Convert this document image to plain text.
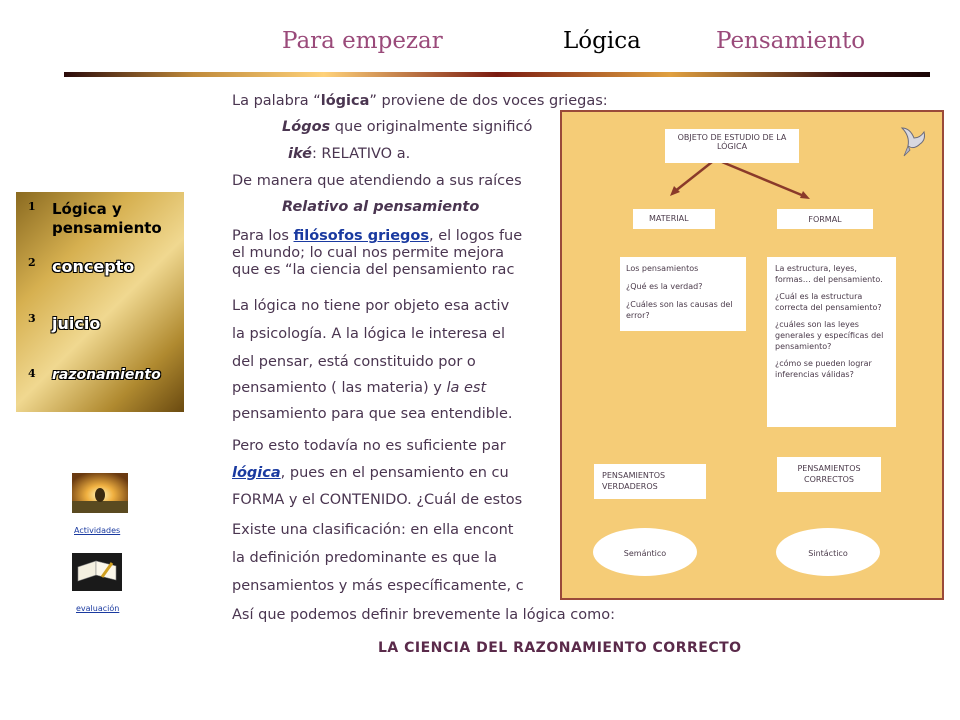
Para empezar	Lógica	Pensamiento
1 Lógica y pensamiento
2 concepto
3 juicio
4 razonamiento
Actividades
evaluación
La palabra “lógica” proviene de dos voces griegas:
Lógos que originalmente significó
iké: RELATIVO a.
De manera que atendiendo a sus raíces
Relativo al pensamiento
Para los filósofos griegos, el logos fue
el mundo; lo cual nos permite mejora
que es “la ciencia del pensamiento rac
La lógica no tiene por objeto esa activ
la psicología. A la lógica le interesa el
del pensar, está constituido por o
pensamiento ( las materia) y la est
pensamiento para que sea entendible.
Pero esto todavía no es suficiente par
lógica, pues en el pensamiento en cu
FORMA y el CONTENIDO. ¿Cuál de estos
Existe una clasificación: en ella encont
la definición predominante es que la
pensamientos y más específicamente, c
Así que podemos definir brevemente la lógica como:
LA CIENCIA DEL RAZONAMIENTO CORRECTO
OBJETO DE ESTUDIO DE LA LÓGICA
MATERIAL	FORMAL
Los pensamientos
¿Qué es la verdad?
¿Cuáles son las causas del error?
La estructura, leyes, formas… del pensamiento.
¿Cuál es la estructura correcta del pensamiento?
¿cuáles son las leyes generales y específicas del pensamiento?
¿cómo se pueden lograr inferencias válidas?
PENSAMIENTOS VERDADEROS
PENSAMIENTOS CORRECTOS
Semántico	Sintáctico
